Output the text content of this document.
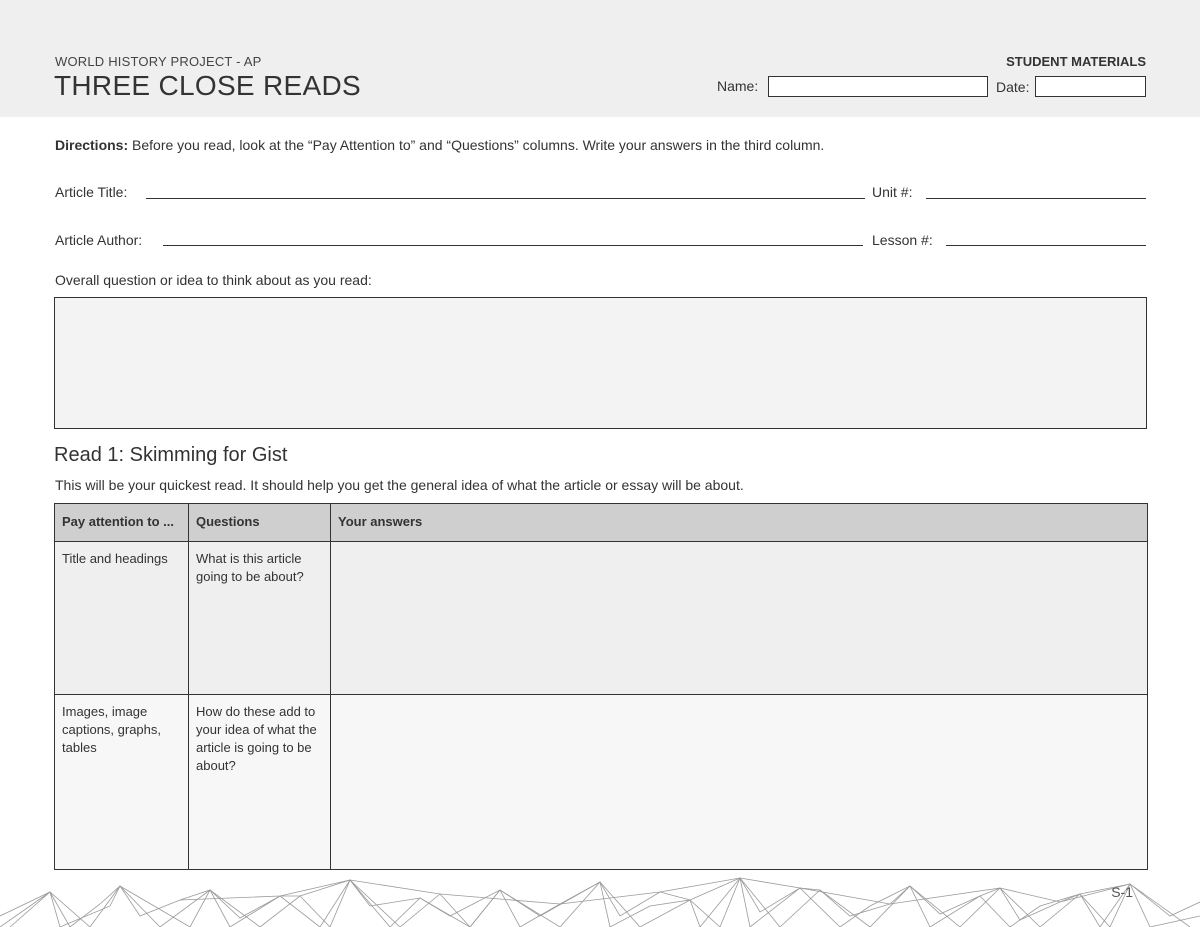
WORLD HISTORY PROJECT - AP
THREE CLOSE READS
STUDENT MATERIALS
Name:	Date:
Directions: Before you read, look at the “Pay Attention to” and “Questions” columns. Write your answers in the third column.
Article Title:	Unit #:
Article Author:	Lesson #:
Overall question or idea to think about as you read:
Read 1: Skimming for Gist
This will be your quickest read. It should help you get the general idea of what the article or essay will be about.
Pay attention to ...	Questions	Your answers
Title and headings	What is this article going to be about?	
Images, image captions, graphs, tables	How do these add to your idea of what the article is going to be about?	
S-1
